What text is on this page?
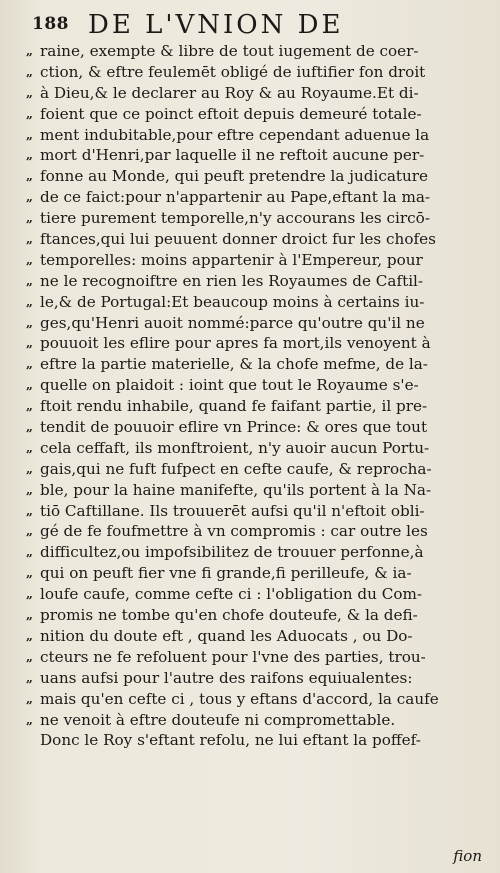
188 DE L'VNION DE
„ raine, exempte & libre de tout iugement de coer-
„ ction, & eftre feulemēt obligé de iuftifier fon droit
„ à Dieu,& le declarer au Roy & au Royaume.Et di-
„ foient que ce poinct eftoit depuis demeuré totale-
„ ment indubitable,pour eftre cependant aduenue la
„ mort d'Henri,par laquelle il ne reftoit aucune per-
„ fonne au Monde, qui peuft pretendre la judicature
„ de ce faict:pour n'appartenir au Pape,eftant la ma-
„ tiere purement temporelle,n'y accourans les circō-
„ ftances,qui lui peuuent donner droict fur les chofes
„ temporelles: moins appartenir à l'Empereur, pour
„ ne le recognoiftre en rien les Royaumes de Caftil-
„ le,& de Portugal:Et beaucoup moins à certains iu-
„ ges,qu'Henri auoit nommé:parce qu'outre qu'il ne
„ pouuoit les eflire pour apres fa mort,ils venoyent à
„ eftre la partie materielle, & la chofe mefme, de la-
„ quelle on plaidoit : ioint que tout le Royaume s'e-
„ ftoit rendu inhabile, quand fe faifant partie, il pre-
„ tendit de pouuoir eflire vn Prince: & ores que tout
„ cela ceffaft, ils monftroient, n'y auoir aucun Portu-
„ gais,qui ne fuft fufpect en cefte caufe, & reprocha-
„ ble, pour la haine manifefte, qu'ils portent à la Na-
„ tiō Caftillane. Ils trouuerēt aufsi qu'il n'eftoit obli-
„ gé de fe foufmettre à vn compromis : car outre les
„ difficultez,ou impofsibilitez de trouuer perfonne,à
„ qui on peuft fier vne fi grande,fi perilleufe, & ia-
„ loufe caufe, comme cefte ci : l'obligation du Com-
„ promis ne tombe qu'en chofe douteufe, & la defi-
„ nition du doute eft , quand les Aduocats , ou Do-
„ cteurs ne fe refoluent pour l'vne des parties, trou-
„ uans aufsi pour l'autre des raifons equiualentes:
„ mais qu'en cefte ci , tous y eftans d'accord, la caufe
„ ne venoit à eftre douteufe ni compromettable.
Donc le Roy s'eftant refolu, ne lui eftant la poffef-
fion
